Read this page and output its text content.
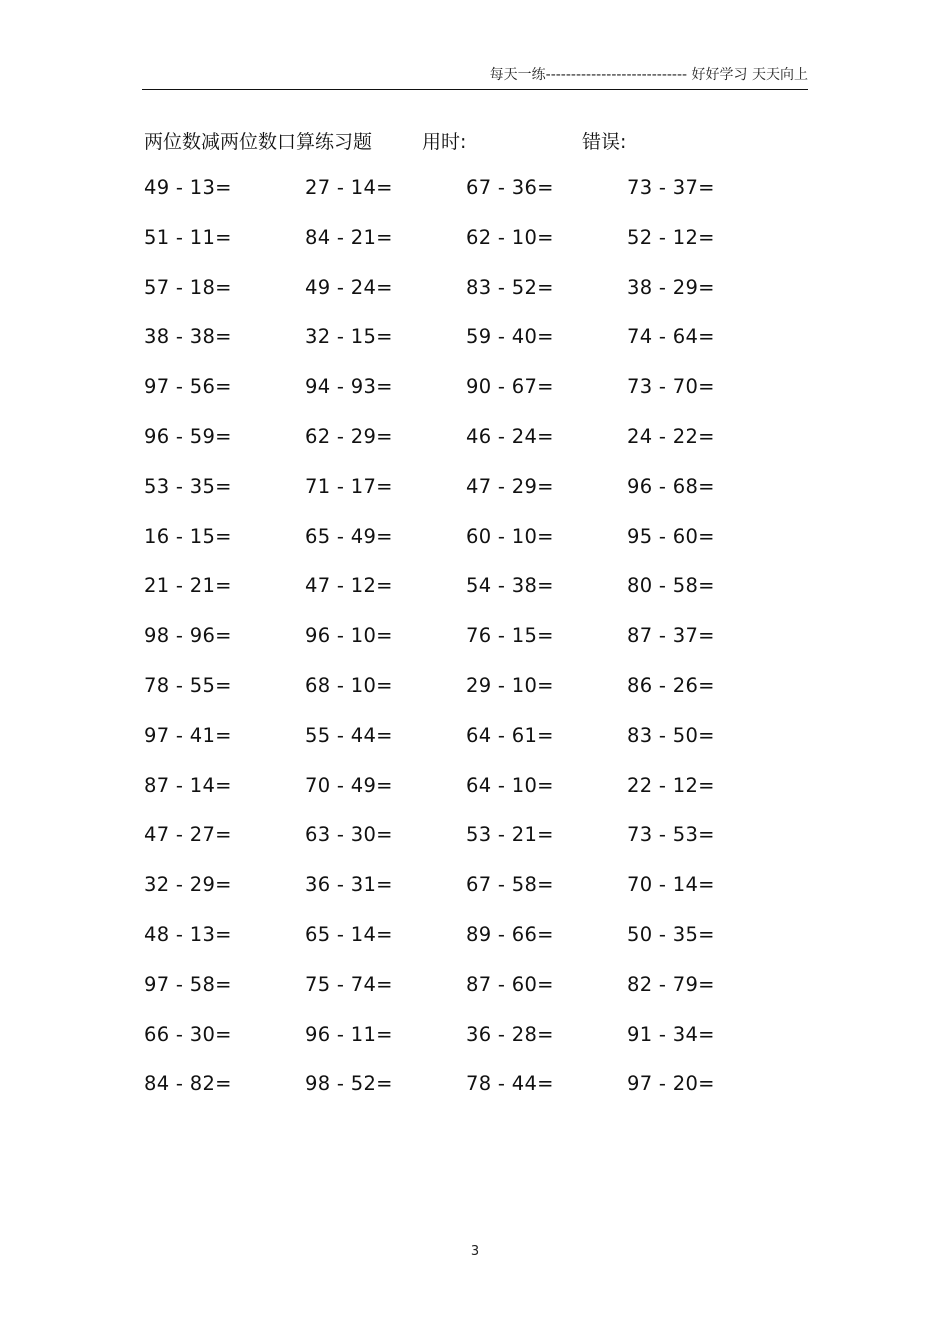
每天一练---------------------------- 好好学习 天天向上
两位数减两位数口算练习题	用时:	错误:
49 - 13=	27 - 14=	67 - 36=	73 - 37=
51 - 11=	84 - 21=	62 - 10=	52 - 12=
57 - 18=	49 - 24=	83 - 52=	38 - 29=
38 - 38=	32 - 15=	59 - 40=	74 - 64=
97 - 56=	94 - 93=	90 - 67=	73 - 70=
96 - 59=	62 - 29=	46 - 24=	24 - 22=
53 - 35=	71 - 17=	47 - 29=	96 - 68=
16 - 15=	65 - 49=	60 - 10=	95 - 60=
21 - 21=	47 - 12=	54 - 38=	80 - 58=
98 - 96=	96 - 10=	76 - 15=	87 - 37=
78 - 55=	68 - 10=	29 - 10=	86 - 26=
97 - 41=	55 - 44=	64 - 61=	83 - 50=
87 - 14=	70 - 49=	64 - 10=	22 - 12=
47 - 27=	63 - 30=	53 - 21=	73 - 53=
32 - 29=	36 - 31=	67 - 58=	70 - 14=
48 - 13=	65 - 14=	89 - 66=	50 - 35=
97 - 58=	75 - 74=	87 - 60=	82 - 79=
66 - 30=	96 - 11=	36 - 28=	91 - 34=
84 - 82=	98 - 52=	78 - 44=	97 - 20=
3
